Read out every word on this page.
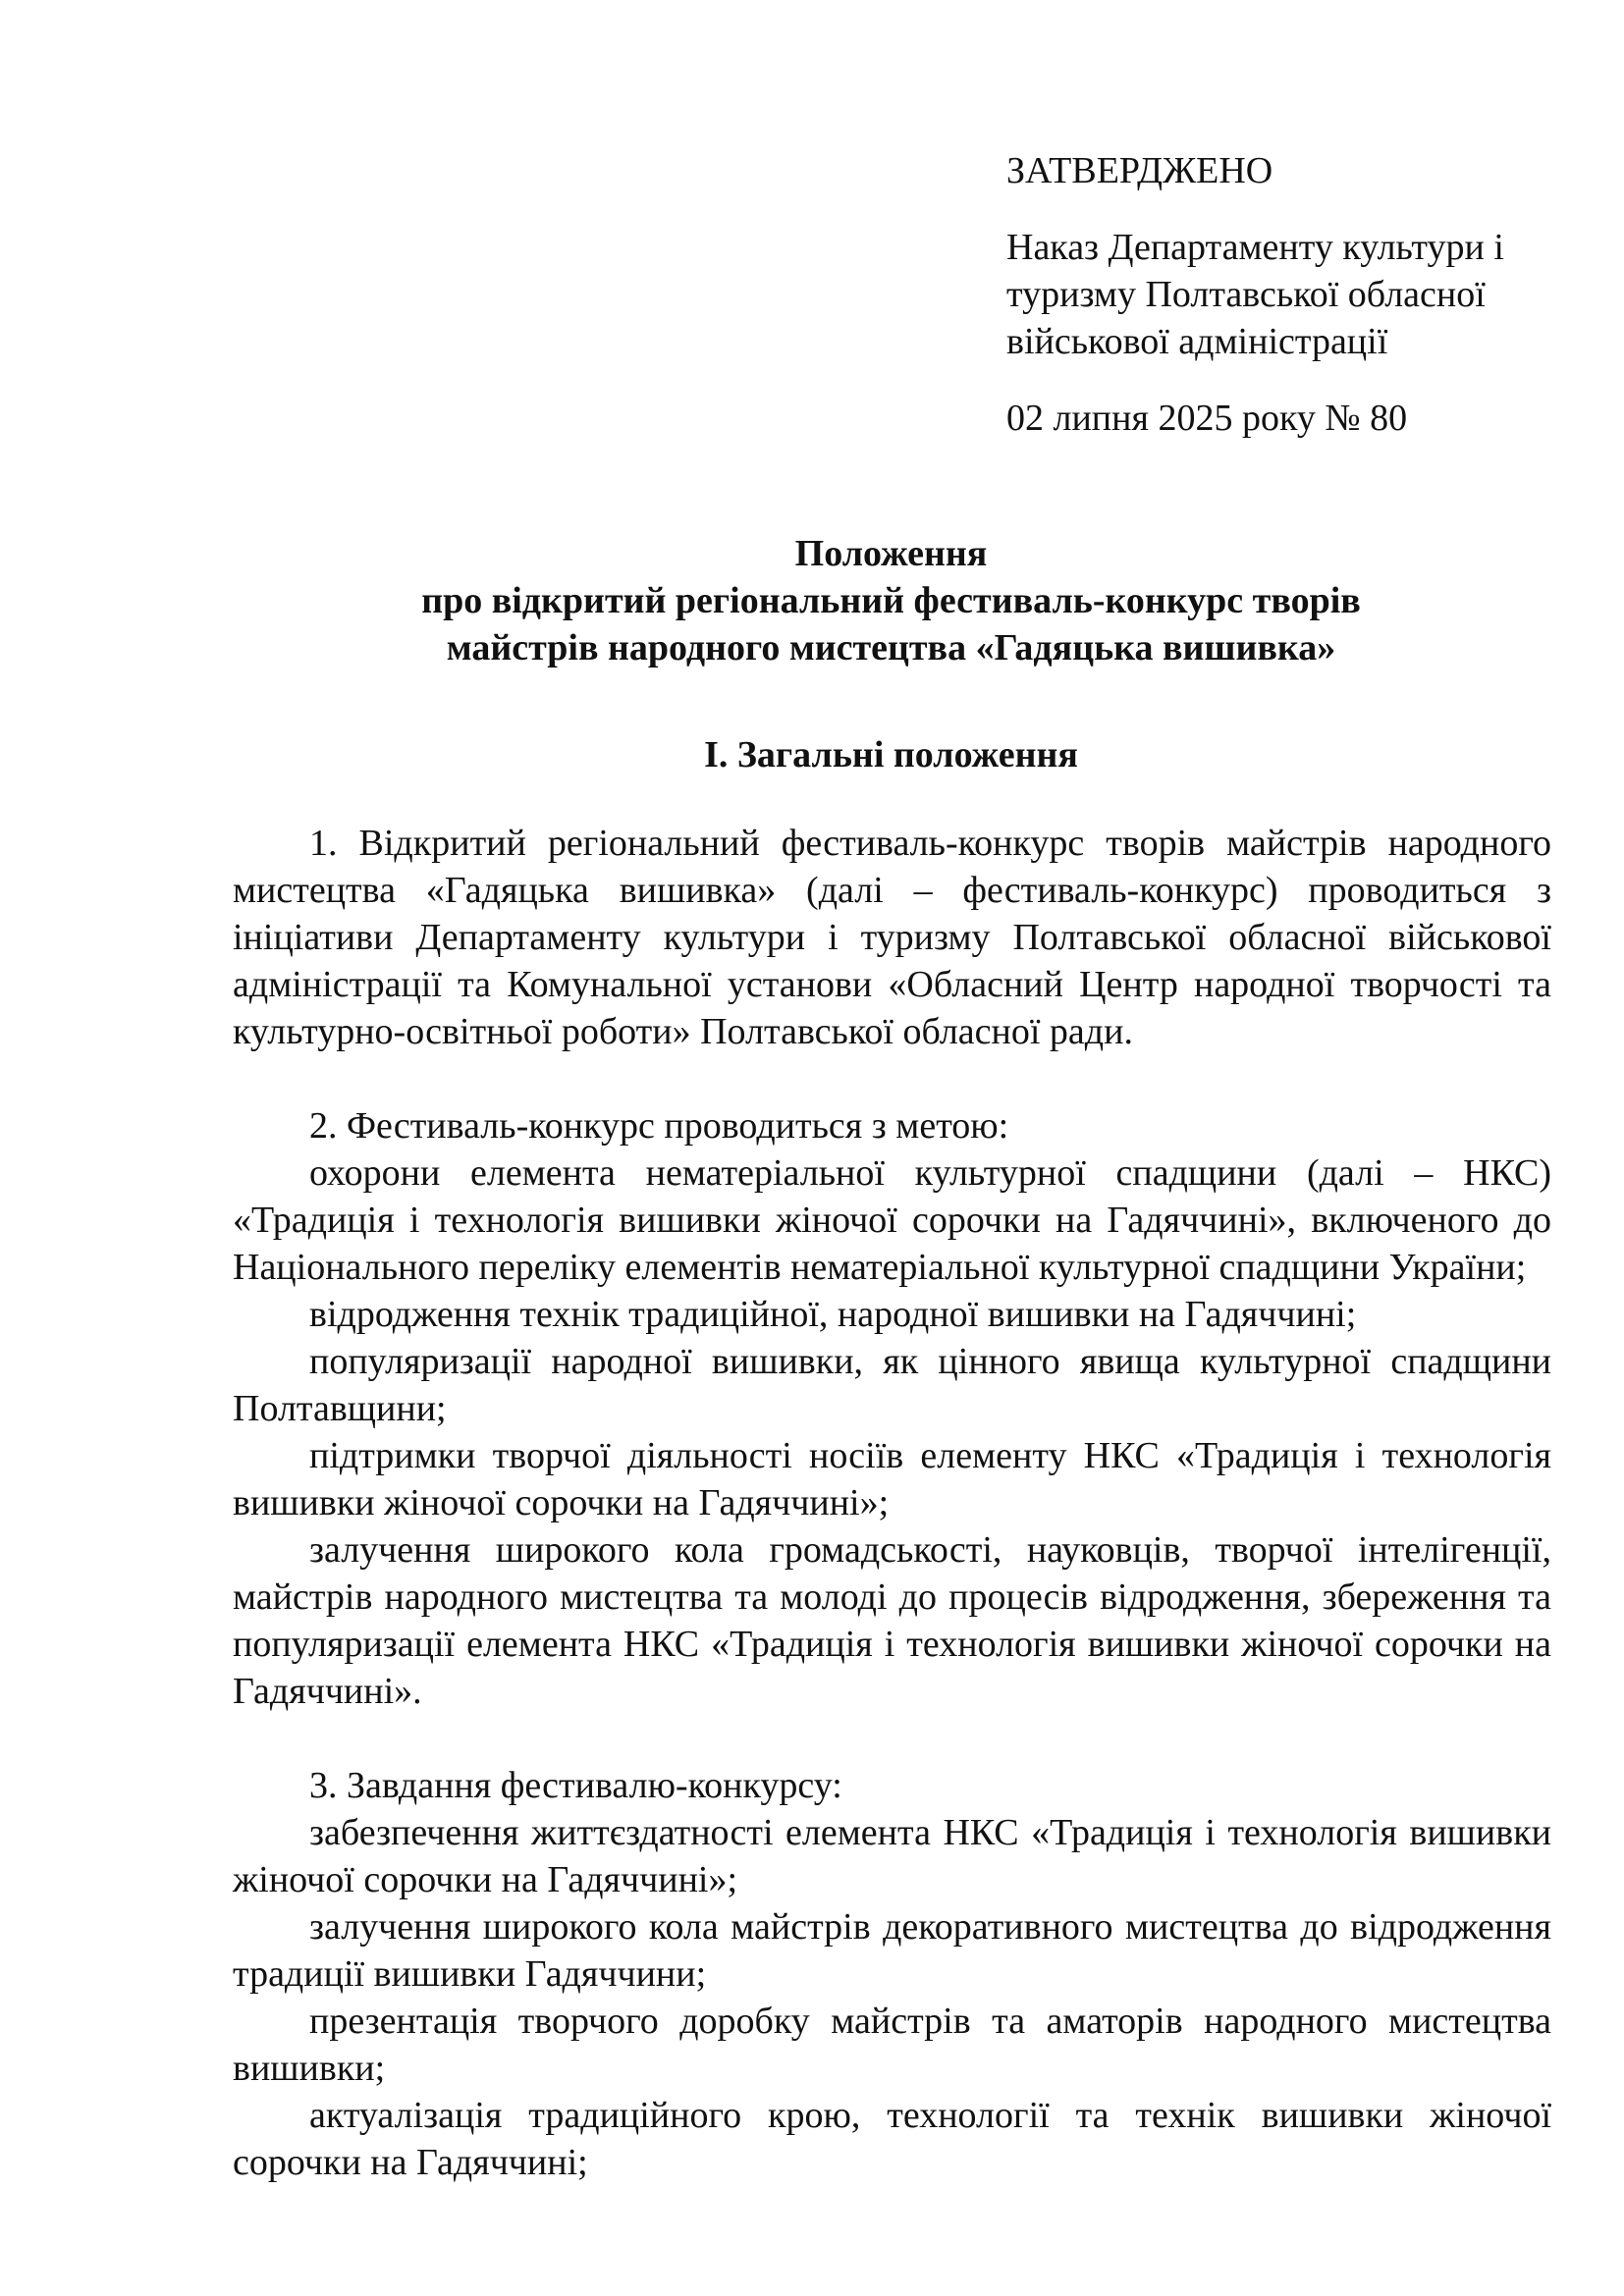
ЗАТВЕРДЖЕНО
Наказ Департаменту культури і
туризму Полтавської обласної
військової адміністрації
02 липня 2025 року № 80
Положення
про відкритий регіональний фестиваль-конкурс творів
майстрів народного мистецтва «Гадяцька вишивка»
І. Загальні положення

1. Відкритий регіональний фестиваль-конкурс творів майстрів народного мистецтва «Гадяцька вишивка» (далі – фестиваль-конкурс) проводиться з ініціативи Департаменту культури і туризму Полтавської обласної військової адміністрації та Комунальної установи «Обласний Центр народної творчості та культурно-освітньої роботи» Полтавської обласної ради.

2. Фестиваль-конкурс проводиться з метою:

охорони елемента нематеріальної культурної спадщини (далі – НКС) «Традиція і технологія вишивки жіночої сорочки на Гадяччині», включеного до Національного переліку елементів нематеріальної культурної спадщини України;

відродження технік традиційної, народної вишивки на Гадяччині;

популяризації народної вишивки, як цінного явища культурної спадщини Полтавщини;

підтримки творчої діяльності носіїв елементу НКС «Традиція і технологія вишивки жіночої сорочки на Гадяччині»;

залучення широкого кола громадськості, науковців, творчої інтелігенції, майстрів народного мистецтва та молоді до процесів відродження, збереження та популяризації елемента НКС «Традиція і технологія вишивки жіночої сорочки на Гадяччині».

3. Завдання фестивалю-конкурсу:

забезпечення життєздатності елемента НКС «Традиція і технологія вишивки жіночої сорочки на Гадяччині»;

залучення широкого кола майстрів декоративного мистецтва до відродження традиції вишивки Гадяччини;

презентація творчого доробку майстрів та аматорів народного мистецтва вишивки;

актуалізація традиційного крою, технології та технік вишивки жіночої сорочки на Гадяччині;
